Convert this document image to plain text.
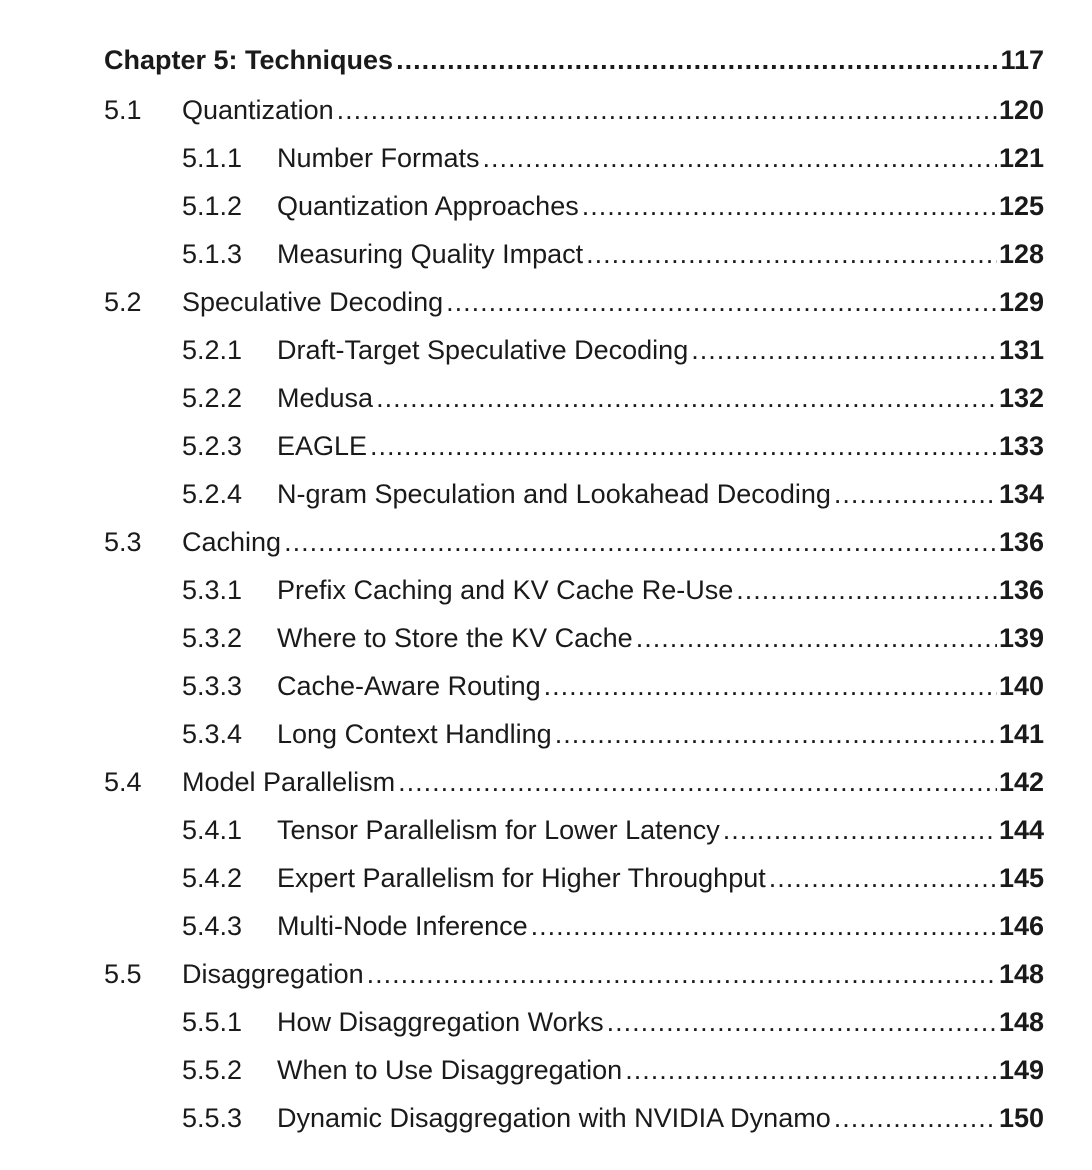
Chapter 5: Techniques .....	117
5.1	Quantization .....	120
5.1.1	Number Formats .....	121
5.1.2	Quantization Approaches .....	125
5.1.3	Measuring Quality Impact .....	128
5.2	Speculative Decoding .....	129
5.2.1	Draft-Target Speculative Decoding .....	131
5.2.2	Medusa .....	132
5.2.3	EAGLE .....	133
5.2.4	N-gram Speculation and Lookahead Decoding .....	134
5.3	Caching .....	136
5.3.1	Prefix Caching and KV Cache Re-Use .....	136
5.3.2	Where to Store the KV Cache .....	139
5.3.3	Cache-Aware Routing .....	140
5.3.4	Long Context Handling .....	141
5.4	Model Parallelism .....	142
5.4.1	Tensor Parallelism for Lower Latency .....	144
5.4.2	Expert Parallelism for Higher Throughput .....	145
5.4.3	Multi-Node Inference .....	146
5.5	Disaggregation .....	148
5.5.1	How Disaggregation Works .....	148
5.5.2	When to Use Disaggregation .....	149
5.5.3	Dynamic Disaggregation with NVIDIA Dynamo .....	150
